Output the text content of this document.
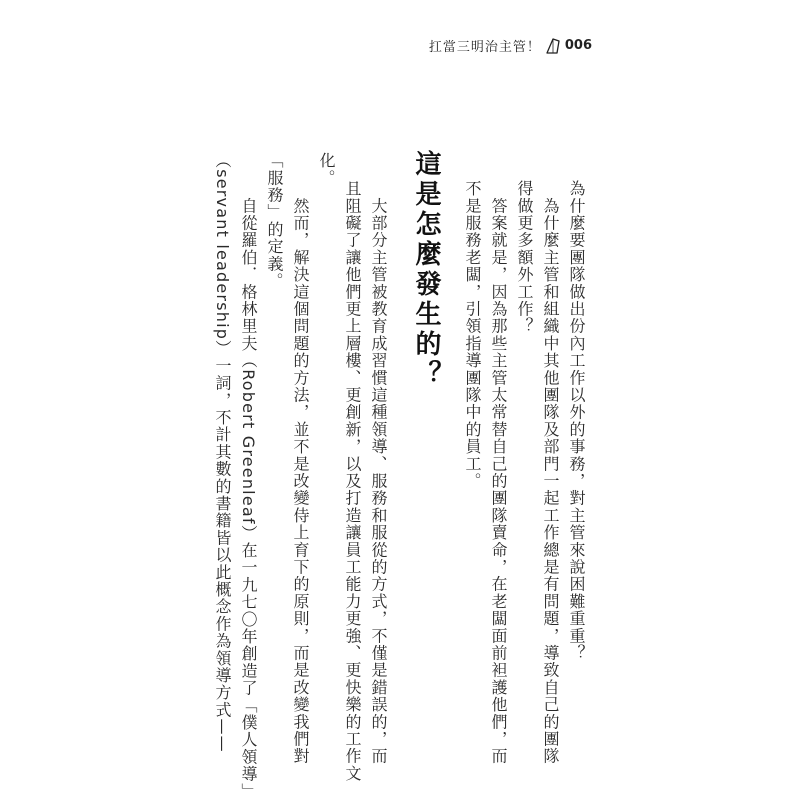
扛當三明治主管！ 006
為什麼要團隊做出份內工作以外的事務，對主管來說困難重重？
　為什麼主管和組織中其他團隊及部門一起工作總是有問題，導致自己的團隊
得做更多額外工作？
　答案就是，因為那些主管太常替自己的團隊賣命，在老闆面前袒護他們，而
不是服務老闆，引領指導團隊中的員工。
這是怎麼發生的？
　大部分主管被教育成習慣這種領導、服務和服從的方式，不僅是錯誤的，而
且阻礙了讓他們更上層樓、更創新，以及打造讓員工能力更強、更快樂的工作文
化。
　然而，解決這個問題的方法，並不是改變侍上育下的原則，而是改變我們對
「服務」的定義。
　自從羅伯．格林里夫（Robert Greenleaf）在一九七〇年創造了「僕人領導」
（servant leadership）一詞，不計其數的書籍皆以此概念作為領導方式——
